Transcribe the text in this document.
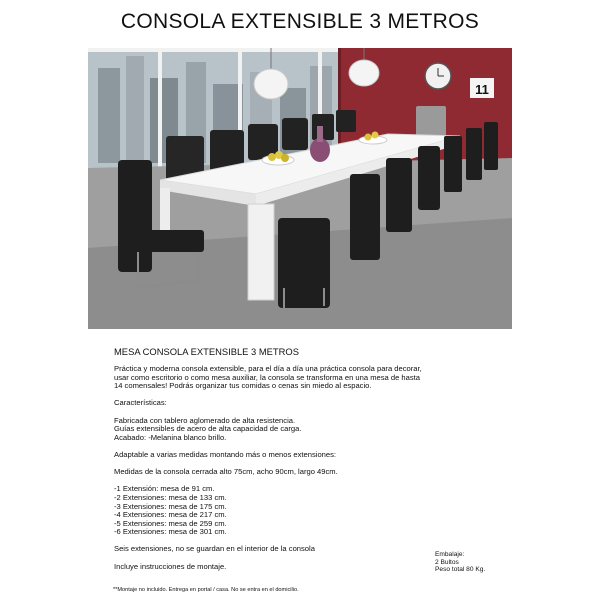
CONSOLA EXTENSIBLE 3 METROS
11

MESA CONSOLA EXTENSIBLE 3 METROS

Práctica y moderna consola extensible, para el día a día una práctica consola para decorar,

usar como escritorio o como mesa auxiliar, la consola se transforma en una mesa de hasta

14 comensales! Podrás organizar tus comidas o cenas sin miedo al espacio.

Características:

Fabricada con tablero aglomerado de alta resistencia.

Guías extensibles de acero de alta capacidad de carga.

Acabado: -Melanina blanco brillo.

Adaptable a varias medidas montando más o menos extensiones:

Medidas de la consola cerrada alto 75cm, acho 90cm, largo 49cm.

-1 Extensión: mesa de 91 cm.

-2 Extensiones: mesa de 133 cm.

-3 Extensiones: mesa de 175 cm.

-4 Extensiones: mesa de 217 cm.

-5 Extensiones: mesa de 259 cm.

-6 Extensiones: mesa de 301 cm.

Seis extensiones, no se guardan en el interior de la consola

Incluye instrucciones de montaje.

Embalaje:
2 Bultos
Peso total 80 Kg.
**Montaje no incluido. Entrega en portal / casa. No se entra en el domicilio.
